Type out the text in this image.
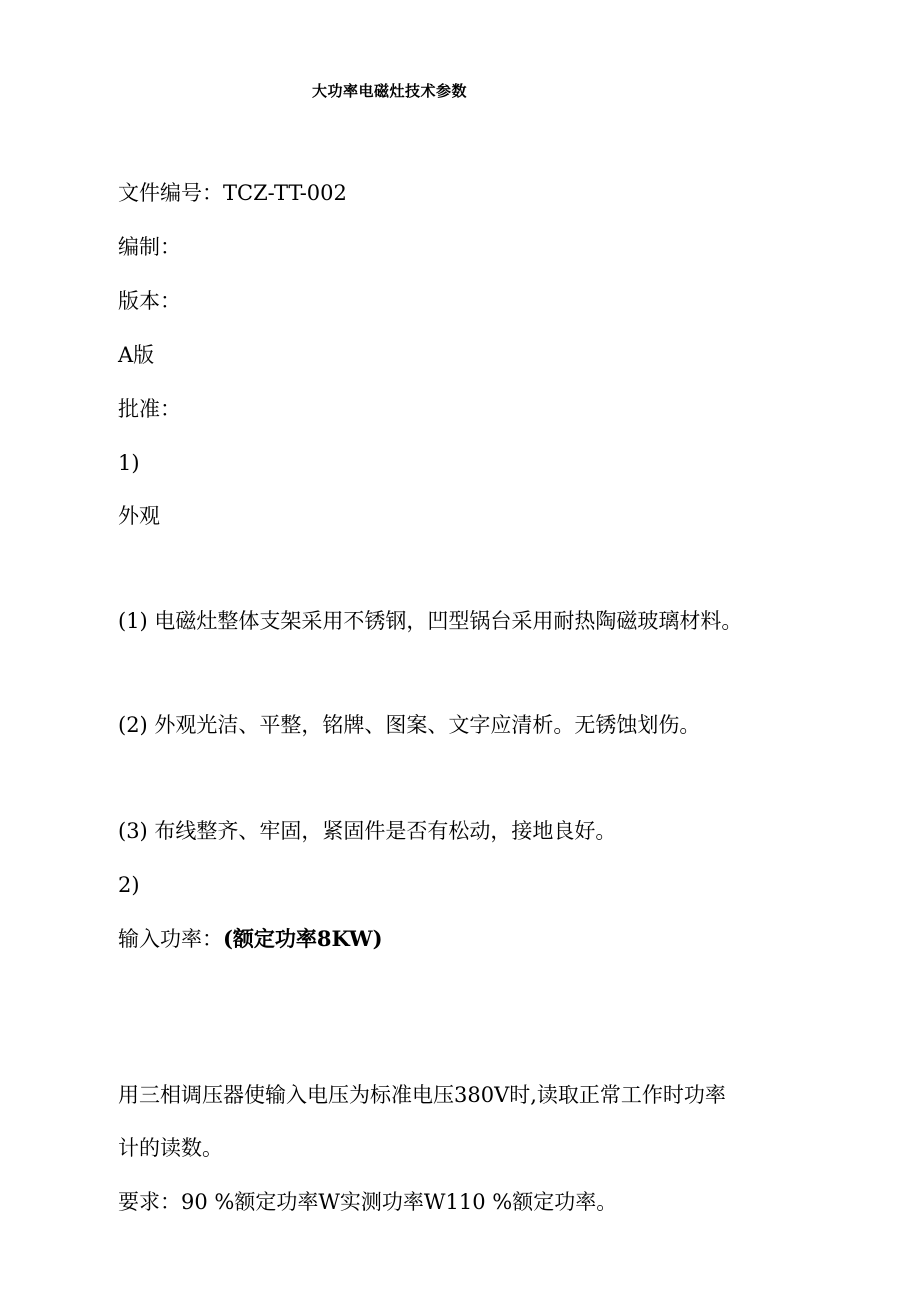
大功率电磁灶技术参数
文件编号：TCZ-TT-002
编制：
版本：
A版
批准：
1)
外观
(1) 电磁灶整体支架采用不锈钢，凹型锅台采用耐热陶磁玻璃材料。
(2) 外观光洁、平整，铭牌、图案、文字应清析。无锈蚀划伤。
(3) 布线整齐、牢固，紧固件是否有松动，接地良好。
2)
输入功率：(额定功率8KW)
用三相调压器使输入电压为标准电压380V时,读取正常工作时功率
计的读数。
要求：90 %额定功率W实测功率W110 %额定功率。
